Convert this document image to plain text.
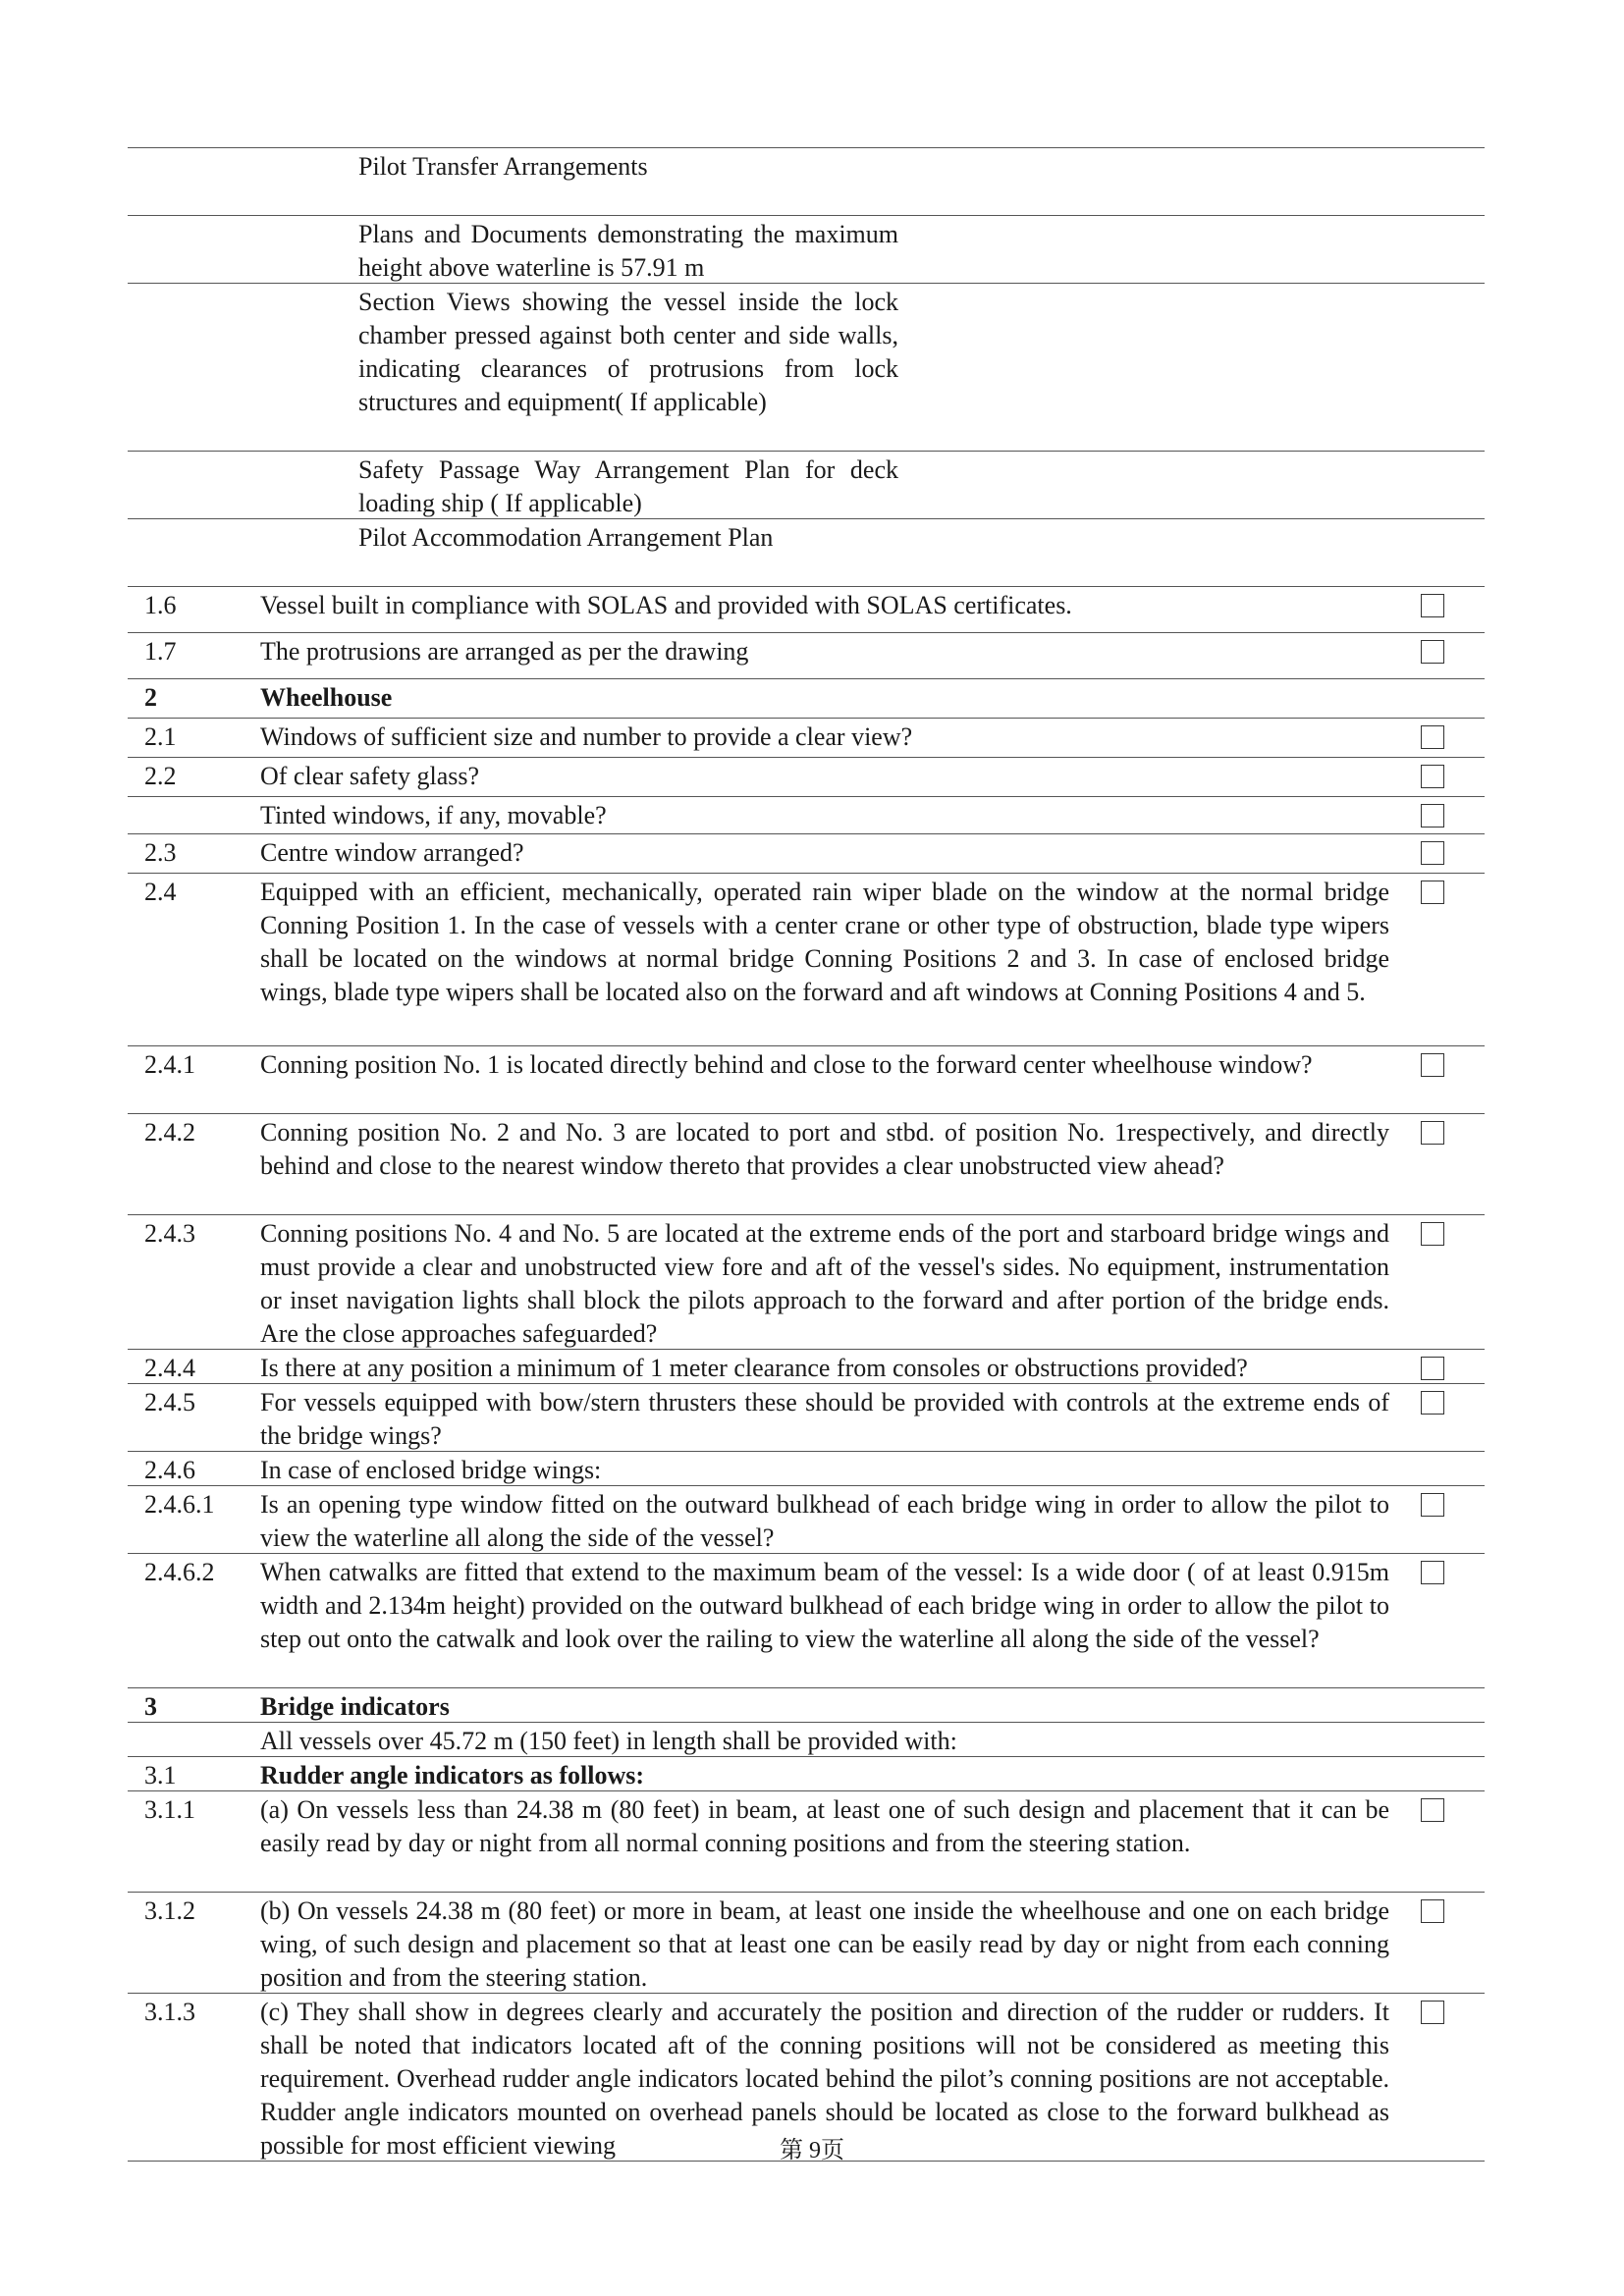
Pilot Transfer Arrangements
Plans and Documents demonstrating the maximum height above waterline is 57.91 m
Section Views showing the vessel inside the lock chamber pressed against both center and side walls, indicating clearances of protrusions from lock structures and equipment( If applicable)
Safety Passage Way Arrangement Plan for deck loading ship ( If applicable)
Pilot Accommodation Arrangement Plan
1.6	Vessel built in compliance with SOLAS and provided with SOLAS certificates.
1.7	The protrusions are arranged as per the drawing
2	Wheelhouse
2.1	Windows of sufficient size and number to provide a clear view?
2.2	Of clear safety glass?
Tinted windows, if any, movable?
2.3	Centre window arranged?
2.4	Equipped with an efficient, mechanically, operated rain wiper blade on the window at the normal bridge Conning Position 1. In the case of vessels with a center crane or other type of obstruction, blade type wipers shall be located on the windows at normal bridge Conning Positions 2 and 3. In case of enclosed bridge wings, blade type wipers shall be located also on the forward and aft windows at Conning Positions 4 and 5.
2.4.1	Conning position No. 1 is located directly behind and close to the forward center wheelhouse window?
2.4.2	Conning position No. 2 and No. 3 are located to port and stbd. of position No. 1respectively, and directly behind and close to the nearest window thereto that provides a clear unobstructed view ahead?
2.4.3	Conning positions No. 4 and No. 5 are located at the extreme ends of the port and starboard bridge wings and must provide a clear and unobstructed view fore and aft of the vessel's sides. No equipment, instrumentation or inset navigation lights shall block the pilots approach to the forward and after portion of the bridge ends. Are the close approaches safeguarded?
2.4.4	Is there at any position a minimum of 1 meter clearance from consoles or obstructions provided?
2.4.5	For vessels equipped with bow/stern thrusters these should be provided with controls at the extreme ends of the bridge wings?
2.4.6	In case of enclosed bridge wings:
2.4.6.1	Is an opening type window fitted on the outward bulkhead of each bridge wing in order to allow the pilot to view the waterline all along the side of the vessel?
2.4.6.2	When catwalks are fitted that extend to the maximum beam of the vessel: Is a wide door ( of at least 0.915m width and 2.134m height) provided on the outward bulkhead of each bridge wing in order to allow the pilot to step out onto the catwalk and look over the railing to view the waterline all along the side of the vessel?
3	Bridge indicators
All vessels over 45.72 m (150 feet) in length shall be provided with:
3.1	Rudder angle indicators as follows:
3.1.1	(a) On vessels less than 24.38 m (80 feet) in beam, at least one of such design and placement that it can be easily read by day or night from all normal conning positions and from the steering station.
3.1.2	(b) On vessels 24.38 m (80 feet) or more in beam, at least one inside the wheelhouse and one on each bridge wing, of such design and placement so that at least one can be easily read by day or night from each conning position and from the steering station.
3.1.3	(c) They shall show in degrees clearly and accurately the position and direction of the rudder or rudders. It shall be noted that indicators located aft of the conning positions will not be considered as meeting this requirement. Overhead rudder angle indicators located behind the pilot’s conning positions are not acceptable. Rudder angle indicators mounted on overhead panels should be located as close to the forward bulkhead as possible for most efficient viewing	第 9页
